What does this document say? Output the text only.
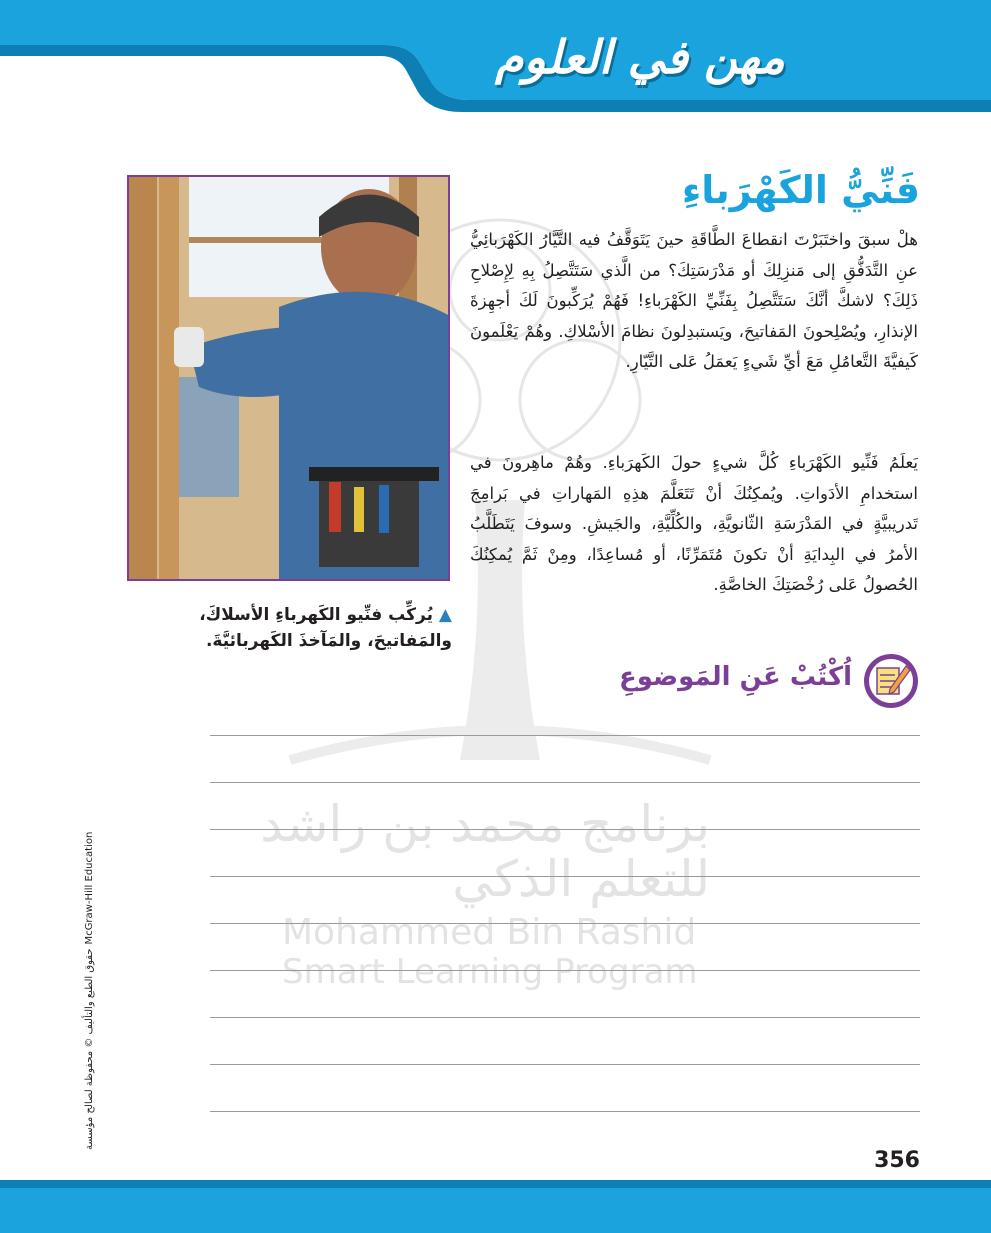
مهن في العلوم
برنامج محمد بن راشد
للتعلم الذكي
Mohammed Bin Rashid
Smart Learning Program
▲ يُركِّب فنِّيو الكَهرباءِ الأسلاكَ، والمَفاتيحَ، والمَآخذَ الكَهربائيَّةَ.
فَنِّيُّ الكَهْرَباءِ
هلْ سبقَ واختَبَرْتَ انقطاعَ الطَّاقَةِ حينَ يَتَوَقَّفُ فيه التَّيَّارُ الكَهْرَبائِيُّ عنِ التَّدَفُّقِ إلى مَنزِلِكَ أو مَدْرَسَتِكَ؟ من الَّذي سَتَتَّصِلُ بِهِ لِإِصْلاحِ ذَلِكَ؟ لاشكَّ أنَّكَ سَتَتَّصِلُ بِفَنِّيِّ الكَهْرَباءِ! فَهُمْ يُرَكِّبونَ لَكَ أجهِزةَ الإنذارِ، ويُصْلِحونَ المَفاتيحَ، ويَستبدِلونَ نظامَ الأسْلاكِ. وهُمْ يَعْلَمونَ كَيفيَّةَ التَّعامُلِ مَعَ أيِّ شَيءٍ يَعمَلُ عَلى التَّيّارِ.
يَعلَمُ فَنِّيو الكَهْرَباءِ كُلَّ شيءٍ حولَ الكَهرَباءِ. وهُمْ ماهِرونَ في استخدامِ الأدَواتِ. ويُمكِنُكَ أنْ تَتَعَلَّمَ هذِهِ المَهاراتِ في بَرامِجَ تَدريبيَّةٍ في المَدْرَسَةِ الثّانويَّةِ، والكُلِّيَّةِ، والجَيشِ. وسوفَ يَتَطَلَّبُ الأمرُ في البِدايَةِ أنْ تكونَ مُتَمَرِّنًا، أو مُساعِدًا، ومِنْ ثَمَّ يُمكِنُكَ الحُصولُ عَلى رُخْصَتِكَ الخاصَّةِ.
اُكْتُبْ عَنِ المَوضوعِ
McGraw-Hill Education
حقوق الطبع والتأليف © محفوظة لصالح مؤسسة
356
